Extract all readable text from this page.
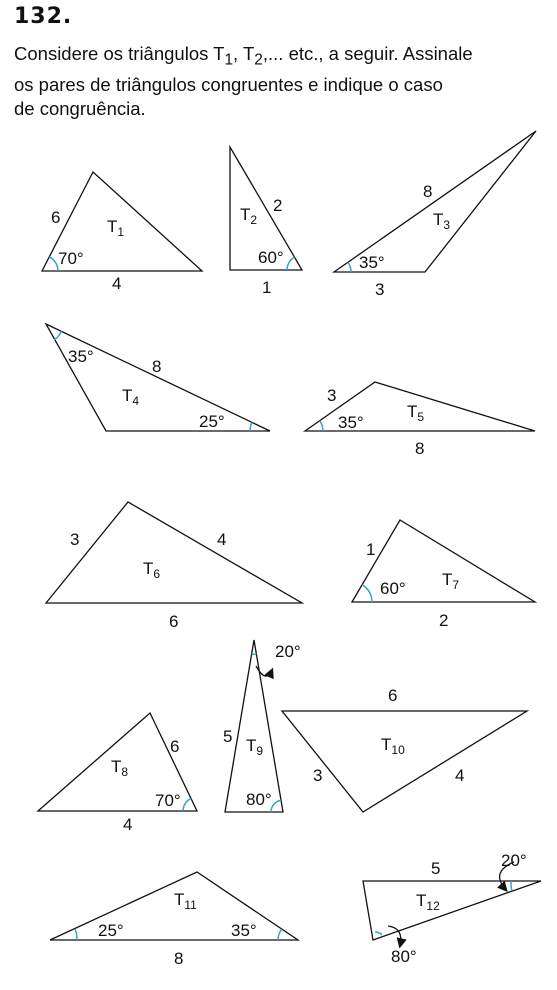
132.

Considere os triângulos $T_1$, $T_2$,... etc., a seguir. Assinale

os pares de triângulos congruentes e indique o caso

de congruência.

$T_1$
6
4
70°
$T_2$
2
1
60°
$T_3$
8
3
35°
$T_4$
8
35°
25°
$T_5$
3
8
35°
$T_6$
3	4
6
$T_7$
1
2
60°
$T_8$
6
4
70°
$T_9$
5
20°
80°
$T_{10}$
6
3	4
$T_{11}$
8
25°	35°
$T_{12}$
5	20°
80°
